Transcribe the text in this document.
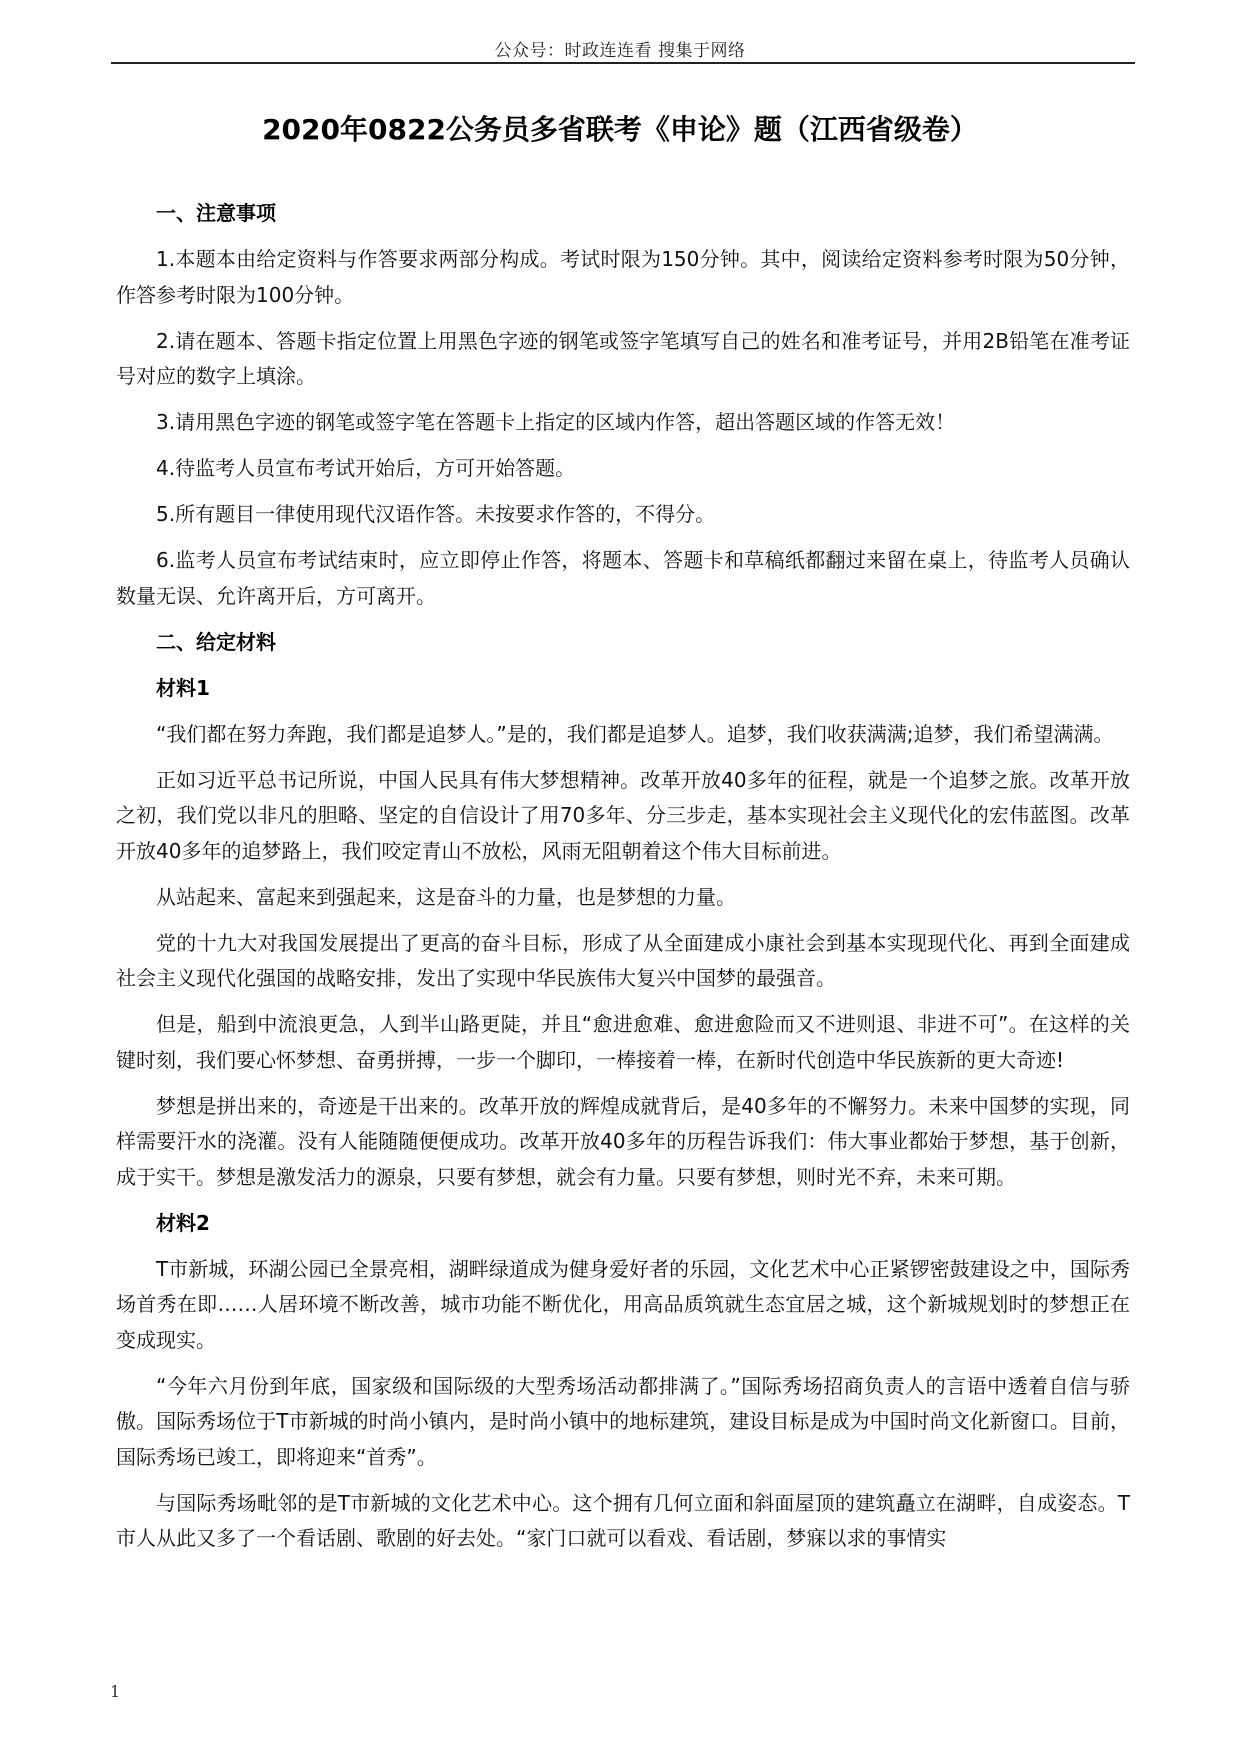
公众号：时政连连看 搜集于网络
2020年0822公务员多省联考《申论》题（江西省级卷）

一、注意事项

1.本题本由给定资料与作答要求两部分构成。考试时限为150分钟。其中，阅读给定资料参考时限为50分钟，作答参考时限为100分钟。

2.请在题本、答题卡指定位置上用黑色字迹的钢笔或签字笔填写自己的姓名和准考证号，并用2B铅笔在准考证号对应的数字上填涂。

3.请用黑色字迹的钢笔或签字笔在答题卡上指定的区域内作答，超出答题区域的作答无效！

4.待监考人员宣布考试开始后，方可开始答题。

5.所有题目一律使用现代汉语作答。未按要求作答的，不得分。

6.监考人员宣布考试结束时，应立即停止作答，将题本、答题卡和草稿纸都翻过来留在桌上，待监考人员确认数量无误、允许离开后，方可离开。

二、给定材料

材料1

“我们都在努力奔跑，我们都是追梦人。”是的，我们都是追梦人。追梦，我们收获满满;追梦，我们希望满满。

正如习近平总书记所说，中国人民具有伟大梦想精神。改革开放40多年的征程，就是一个追梦之旅。改革开放之初，我们党以非凡的胆略、坚定的自信设计了用70多年、分三步走，基本实现社会主义现代化的宏伟蓝图。改革开放40多年的追梦路上，我们咬定青山不放松，风雨无阻朝着这个伟大目标前进。

从站起来、富起来到强起来，这是奋斗的力量，也是梦想的力量。

党的十九大对我国发展提出了更高的奋斗目标，形成了从全面建成小康社会到基本实现现代化、再到全面建成社会主义现代化强国的战略安排，发出了实现中华民族伟大复兴中国梦的最强音。

但是，船到中流浪更急，人到半山路更陡，并且“愈进愈难、愈进愈险而又不进则退、非进不可”。在这样的关键时刻，我们要心怀梦想、奋勇拼搏，一步一个脚印，一棒接着一棒，在新时代创造中华民族新的更大奇迹!

梦想是拼出来的，奇迹是干出来的。改革开放的辉煌成就背后，是40多年的不懈努力。未来中国梦的实现，同样需要汗水的浇灌。没有人能随随便便成功。改革开放40多年的历程告诉我们：伟大事业都始于梦想，基于创新，成于实干。梦想是激发活力的源泉，只要有梦想，就会有力量。只要有梦想，则时光不弃，未来可期。

材料2

T市新城，环湖公园已全景亮相，湖畔绿道成为健身爱好者的乐园，文化艺术中心正紧锣密鼓建设之中，国际秀场首秀在即……人居环境不断改善，城市功能不断优化，用高品质筑就生态宜居之城，这个新城规划时的梦想正在变成现实。

“今年六月份到年底，国家级和国际级的大型秀场活动都排满了。”国际秀场招商负责人的言语中透着自信与骄傲。国际秀场位于T市新城的时尚小镇内，是时尚小镇中的地标建筑，建设目标是成为中国时尚文化新窗口。目前，国际秀场已竣工，即将迎来“首秀”。

与国际秀场毗邻的是T市新城的文化艺术中心。这个拥有几何立面和斜面屋顶的建筑矗立在湖畔，自成姿态。T市人从此又多了一个看话剧、歌剧的好去处。“家门口就可以看戏、看话剧，梦寐以求的事情实

1
